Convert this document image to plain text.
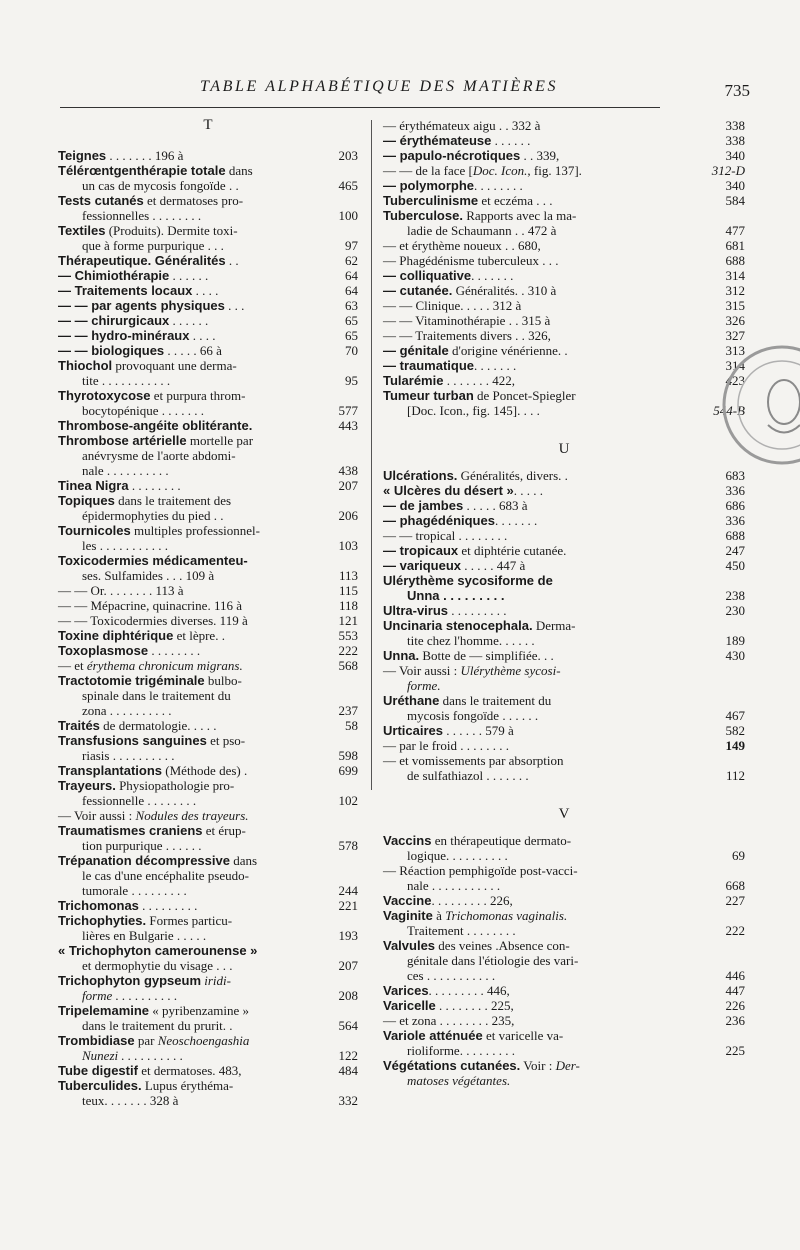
TABLE ALPHABÉTIQUE DES MATIÈRES	735
T
Teignes . . . . . . . 196 à	203
Télérœntgenthérapie totale dans
un cas de mycosis fongoïde . .	465
Tests cutanés et dermatoses pro-
fessionnelles . . . . . . . .	100
Textiles (Produits). Dermite toxi-
que à forme purpurique . . .	97
Thérapeutique. Généralités . .	62
— Chimiothérapie . . . . . .	64
— Traitements locaux . . . .	64
— — par agents physiques . . .	63
— — chirurgicaux . . . . . .	65
— — hydro-minéraux . . . .	65
— — biologiques . . . . . 66 à	70
Thiochol provoquant une derma-
tite . . . . . . . . . . .	95
Thyrotoxycose et purpura throm-
bocytopénique . . . . . . .	577
Thrombose-angéite oblitérante.	443
Thrombose artérielle mortelle par
anévrysme de l'aorte abdomi-
nale . . . . . . . . . .	438
Tinea Nigra . . . . . . . .	207
Topiques dans le traitement des
épidermophyties du pied . .	206
Tournicoles multiples professionnel-
les . . . . . . . . . . .	103
Toxicodermies médicamenteu-
ses. Sulfamides . . . 109 à	113
— — Or. . . . . . . . 113 à	115
— — Mépacrine, quinacrine. 116 à	118
— — Toxicodermies diverses. 119 à	121
Toxine diphtérique et lèpre. .	553
Toxoplasmose . . . . . . . .	222
— et érythema chronicum migrans.	568
Tractotomie trigéminale bulbo-
spinale dans le traitement du
zona . . . . . . . . . .	237
Traités de dermatologie. . . . .	58
Transfusions sanguines et pso-
riasis . . . . . . . . . .	598
Transplantations (Méthode des) .	699
Trayeurs. Physiopathologie pro-
fessionnelle . . . . . . . .	102
— Voir aussi : Nodules des trayeurs.
Traumatismes craniens et érup-
tion purpurique . . . . . .	578
Trépanation décompressive dans
le cas d'une encéphalite pseudo-
tumorale . . . . . . . . .	244
Trichomonas . . . . . . . . .	221
Trichophyties. Formes particu-
lières en Bulgarie . . . . .	193
« Trichophyton camerounense »
et dermophytie du visage . . .	207
Trichophyton gypseum iridi-
forme . . . . . . . . . .	208
Tripelemamine « pyribenzamine »
dans le traitement du prurit. .	564
Trombidiase par Neoschoengashia
Nunezi . . . . . . . . . .	122
Tube digestif et dermatoses. 483,	484
Tuberculides. Lupus érythéma-
teux. . . . . . . 328 à	332
— érythémateux aigu . . 332 à	338
— érythémateuse . . . . . .	338
— papulo-nécrotiques . . 339,	340
— — de la face [Doc. Icon., fig. 137].	312-D
— polymorphe. . . . . . . .	340
Tuberculinisme et eczéma . . .	584
Tuberculose. Rapports avec la ma-
ladie de Schaumann . . 472 à	477
— et érythème noueux . . 680,	681
— Phagédénisme tuberculeux . . .	688
— colliquative. . . . . . .	314
— cutanée. Généralités. . 310 à	312
— — Clinique. . . . . 312 à	315
— — Vitaminothérapie . . 315 à	326
— — Traitements divers . . 326,	327
— génitale d'origine vénérienne. .	313
— traumatique. . . . . . .	314
Tularémie . . . . . . . 422,	423
Tumeur turban de Poncet-Spiegler
[Doc. Icon., fig. 145]. . . .	544-B
U
Ulcérations. Généralités, divers. .	683
« Ulcères du désert ». . . . .	336
— de jambes . . . . . 683 à	686
— phagédéniques. . . . . . .	336
— — tropical . . . . . . . .	688
— tropicaux et diphtérie cutanée.	247
— variqueux . . . . . 447 à	450
Ulérythème sycosiforme de
Unna . . . . . . . . .	238
Ultra-virus . . . . . . . . .	230
Uncinaria stenocephala. Derma-
tite chez l'homme. . . . . .	189
Unna. Botte de — simplifiée. . .	430
— Voir aussi : Ulérythème sycosi-
forme.
Uréthane dans le traitement du
mycosis fongoïde . . . . . .	467
Urticaires . . . . . . 579 à	582
— par le froid . . . . . . . .	149
— et vomissements par absorption
de sulfathiazol . . . . . . .	112
V
Vaccins en thérapeutique dermato-
logique. . . . . . . . . .	69
— Réaction pemphigoïde post-vacci-
nale . . . . . . . . . . .	668
Vaccine. . . . . . . . . 226,	227
Vaginite à Trichomonas vaginalis.
Traitement . . . . . . . .	222
Valvules des veines .Absence con-
génitale dans l'étiologie des vari-
ces . . . . . . . . . . .	446
Varices. . . . . . . . . 446,	447
Varicelle . . . . . . . . 225,	226
— et zona . . . . . . . . 235,	236
Variole atténuée et varicelle va-
rioliforme. . . . . . . . .	225
Végétations cutanées. Voir : Der-
matoses végétantes.
